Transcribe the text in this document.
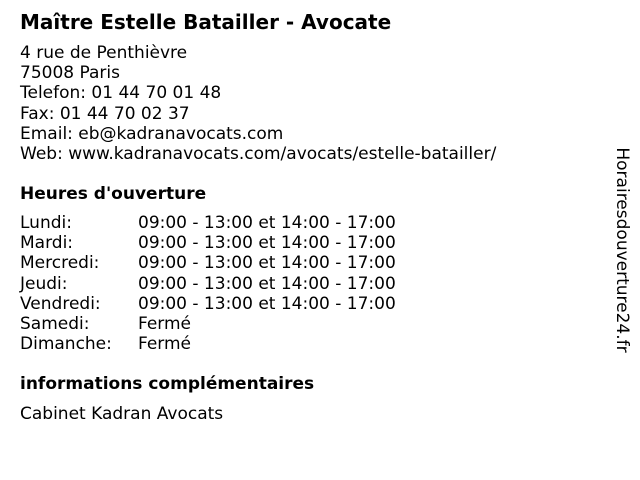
Maître Estelle Batailler - Avocate
4 rue de Penthièvre
75008 Paris
Telefon: 01 44 70 01 48
Fax: 01 44 70 02 37
Email: eb@kadranavocats.com
Web: www.kadranavocats.com/avocats/estelle-batailler/
Heures d'ouverture
Lundi:	09:00 - 13:00 et 14:00 - 17:00
Mardi:	09:00 - 13:00 et 14:00 - 17:00
Mercredi: 09:00 - 13:00 et 14:00 - 17:00
Jeudi:	09:00 - 13:00 et 14:00 - 17:00
Vendredi: 09:00 - 13:00 et 14:00 - 17:00
Samedi:	Fermé
Dimanche: Fermé
informations complémentaires
Cabinet Kadran Avocats
Horairesdouverture24.fr
